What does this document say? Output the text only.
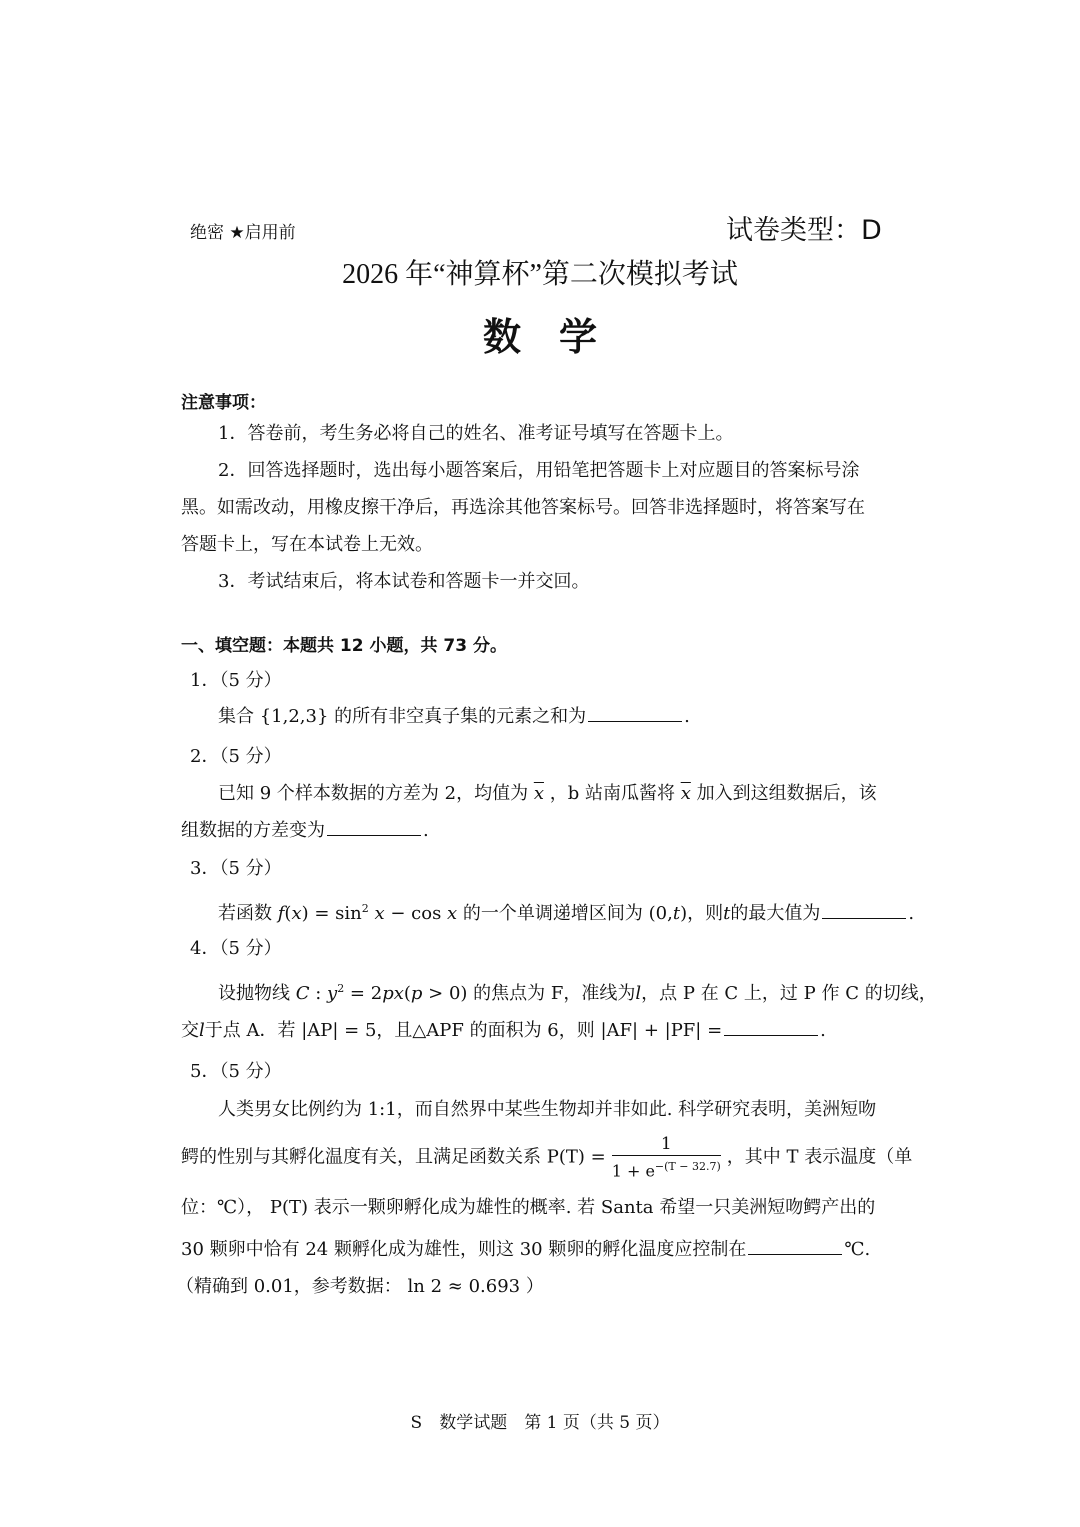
绝密 ★启用前	试卷类型：D
2026 年“神算杯”第二次模拟考试
数　学
注意事项：
1．答卷前，考生务必将自己的姓名、准考证号填写在答题卡上。
2．回答选择题时，选出每小题答案后，用铅笔把答题卡上对应题目的答案标号涂
黑。如需改动，用橡皮擦干净后，再选涂其他答案标号。回答非选择题时，将答案写在
答题卡上，写在本试卷上无效。
3．考试结束后，将本试卷和答题卡一并交回。
一、填空题：本题共 12 小题，共 73 分。
1．（5 分）
集合 {1,2,3} 的所有非空真子集的元素之和为	.
2．（5 分）
已知 9 个样本数据的方差为 2，均值为 $\overline{x}$ ，b 站南瓜酱将 $\overline{x}$ 加入到这组数据后，该
组数据的方差变为	.
3．（5 分）
若函数 $f(x) = \sin^2 x - \cos x$ 的一个单调递增区间为 (0,t)，则t的最大值为	.
4．（5 分）
设抛物线 C : $y^2 = 2px(p > 0)$ 的焦点为 F，准线为l，点 P 在 C 上，过 P 作 C 的切线，
交l于点 A．若 |AP| = 5，且△APF 的面积为 6，则 |AF| + |PF| =	.
5．（5 分）
人类男女比例约为 1:1，而自然界中某些生物却并非如此. 科学研究表明，美洲短吻
鳄的性别与其孵化温度有关，且满足函数关系 $P(T) = \frac{1}{1 + e^{-(T - 32.7)}}$ ，其中 T 表示温度（单
位：℃）， P(T) 表示一颗卵孵化成为雄性的概率. 若 Santa 希望一只美洲短吻鳄产出的
30 颗卵中恰有 24 颗孵化成为雄性，则这 30 颗卵的孵化温度应控制在	℃.
（精确到 0.01，参考数据： ln 2 ≈ 0.693 ）
S　数学试题　第 1 页（共 5 页）
